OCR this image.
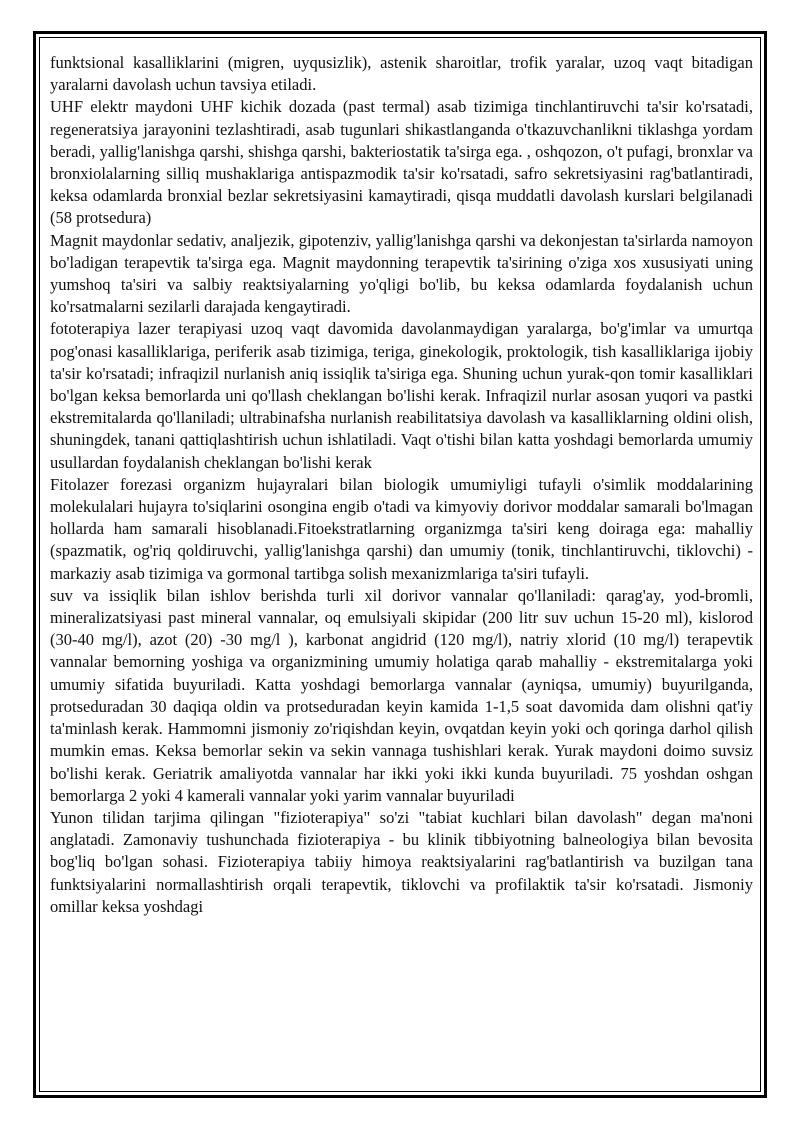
funktsional kasalliklarini (migren, uyqusizlik), astenik sharoitlar, trofik yaralar, uzoq vaqt bitadigan yaralarni davolash uchun tavsiya etiladi.

UHF elektr maydoni UHF kichik dozada (past termal) asab tizimiga tinchlantiruvchi ta'sir ko'rsatadi, regeneratsiya jarayonini tezlashtiradi, asab tugunlari shikastlanganda o'tkazuvchanlikni tiklashga yordam beradi, yallig'lanishga qarshi, shishga qarshi, bakteriostatik ta'sirga ega. , oshqozon, o't pufagi, bronxlar va bronxiolalarning silliq mushaklariga antispazmodik ta'sir ko'rsatadi, safro sekretsiyasini rag'batlantiradi, keksa odamlarda bronxial bezlar sekretsiyasini kamaytiradi, qisqa muddatli davolash kurslari belgilanadi (58 protsedura)

Magnit maydonlar sedativ, analjezik, gipotenziv, yallig'lanishga qarshi va dekonjestan ta'sirlarda namoyon bo'ladigan terapevtik ta'sirga ega. Magnit maydonning terapevtik ta'sirining o'ziga xos xususiyati uning yumshoq ta'siri va salbiy reaktsiyalarning yo'qligi bo'lib, bu keksa odamlarda foydalanish uchun ko'rsatmalarni sezilarli darajada kengaytiradi.

fototerapiya lazer terapiyasi uzoq vaqt davomida davolanmaydigan yaralarga, bo'g'imlar va umurtqa pog'onasi kasalliklariga, periferik asab tizimiga, teriga, ginekologik, proktologik, tish kasalliklariga ijobiy ta'sir ko'rsatadi; infraqizil nurlanish aniq issiqlik ta'siriga ega. Shuning uchun yurak-qon tomir kasalliklari bo'lgan keksa bemorlarda uni qo'llash cheklangan bo'lishi kerak. Infraqizil nurlar asosan yuqori va pastki ekstremitalarda qo'llaniladi; ultrabinafsha nurlanish reabilitatsiya davolash va kasalliklarning oldini olish, shuningdek, tanani qattiqlashtirish uchun ishlatiladi. Vaqt o'tishi bilan katta yoshdagi bemorlarda umumiy usullardan foydalanish cheklangan bo'lishi kerak

Fitolazer forezasi organizm hujayralari bilan biologik umumiyligi tufayli o'simlik moddalarining molekulalari hujayra to'siqlarini osongina engib o'tadi va kimyoviy dorivor moddalar samarali bo'lmagan hollarda ham samarali hisoblanadi.Fitoekstratlarning organizmga ta'siri keng doiraga ega: mahalliy (spazmatik, og'riq qoldiruvchi, yallig'lanishga qarshi) dan umumiy (tonik, tinchlantiruvchi, tiklovchi) - markaziy asab tizimiga va gormonal tartibga solish mexanizmlariga ta'siri tufayli.

suv va issiqlik bilan ishlov berishda turli xil dorivor vannalar qo'llaniladi: qarag'ay, yod-bromli, mineralizatsiyasi past mineral vannalar, oq emulsiyali skipidar (200 litr suv uchun 15-20 ml), kislorod (30-40 mg/l), azot (20) -30 mg/l ), karbonat angidrid (120 mg/l), natriy xlorid (10 mg/l) terapevtik vannalar bemorning yoshiga va organizmining umumiy holatiga qarab mahalliy - ekstremitalarga yoki umumiy sifatida buyuriladi. Katta yoshdagi bemorlarga vannalar (ayniqsa, umumiy) buyurilganda, protseduradan 30 daqiqa oldin va protseduradan keyin kamida 1-1,5 soat davomida dam olishni qat'iy ta'minlash kerak. Hammomni jismoniy zo'riqishdan keyin, ovqatdan keyin yoki och qoringa darhol qilish mumkin emas. Keksa bemorlar sekin va sekin vannaga tushishlari kerak. Yurak maydoni doimo suvsiz bo'lishi kerak. Geriatrik amaliyotda vannalar har ikki yoki ikki kunda buyuriladi. 75 yoshdan oshgan bemorlarga 2 yoki 4 kamerali vannalar yoki yarim vannalar buyuriladi

Yunon tilidan tarjima qilingan "fizioterapiya" so'zi "tabiat kuchlari bilan davolash" degan ma'noni anglatadi. Zamonaviy tushunchada fizioterapiya - bu klinik tibbiyotning balneologiya bilan bevosita bog'liq bo'lgan sohasi. Fizioterapiya tabiiy himoya reaktsiyalarini rag'batlantirish va buzilgan tana funktsiyalarini normallashtirish orqali terapevtik, tiklovchi va profilaktik ta'sir ko'rsatadi. Jismoniy omillar keksa yoshdagi
